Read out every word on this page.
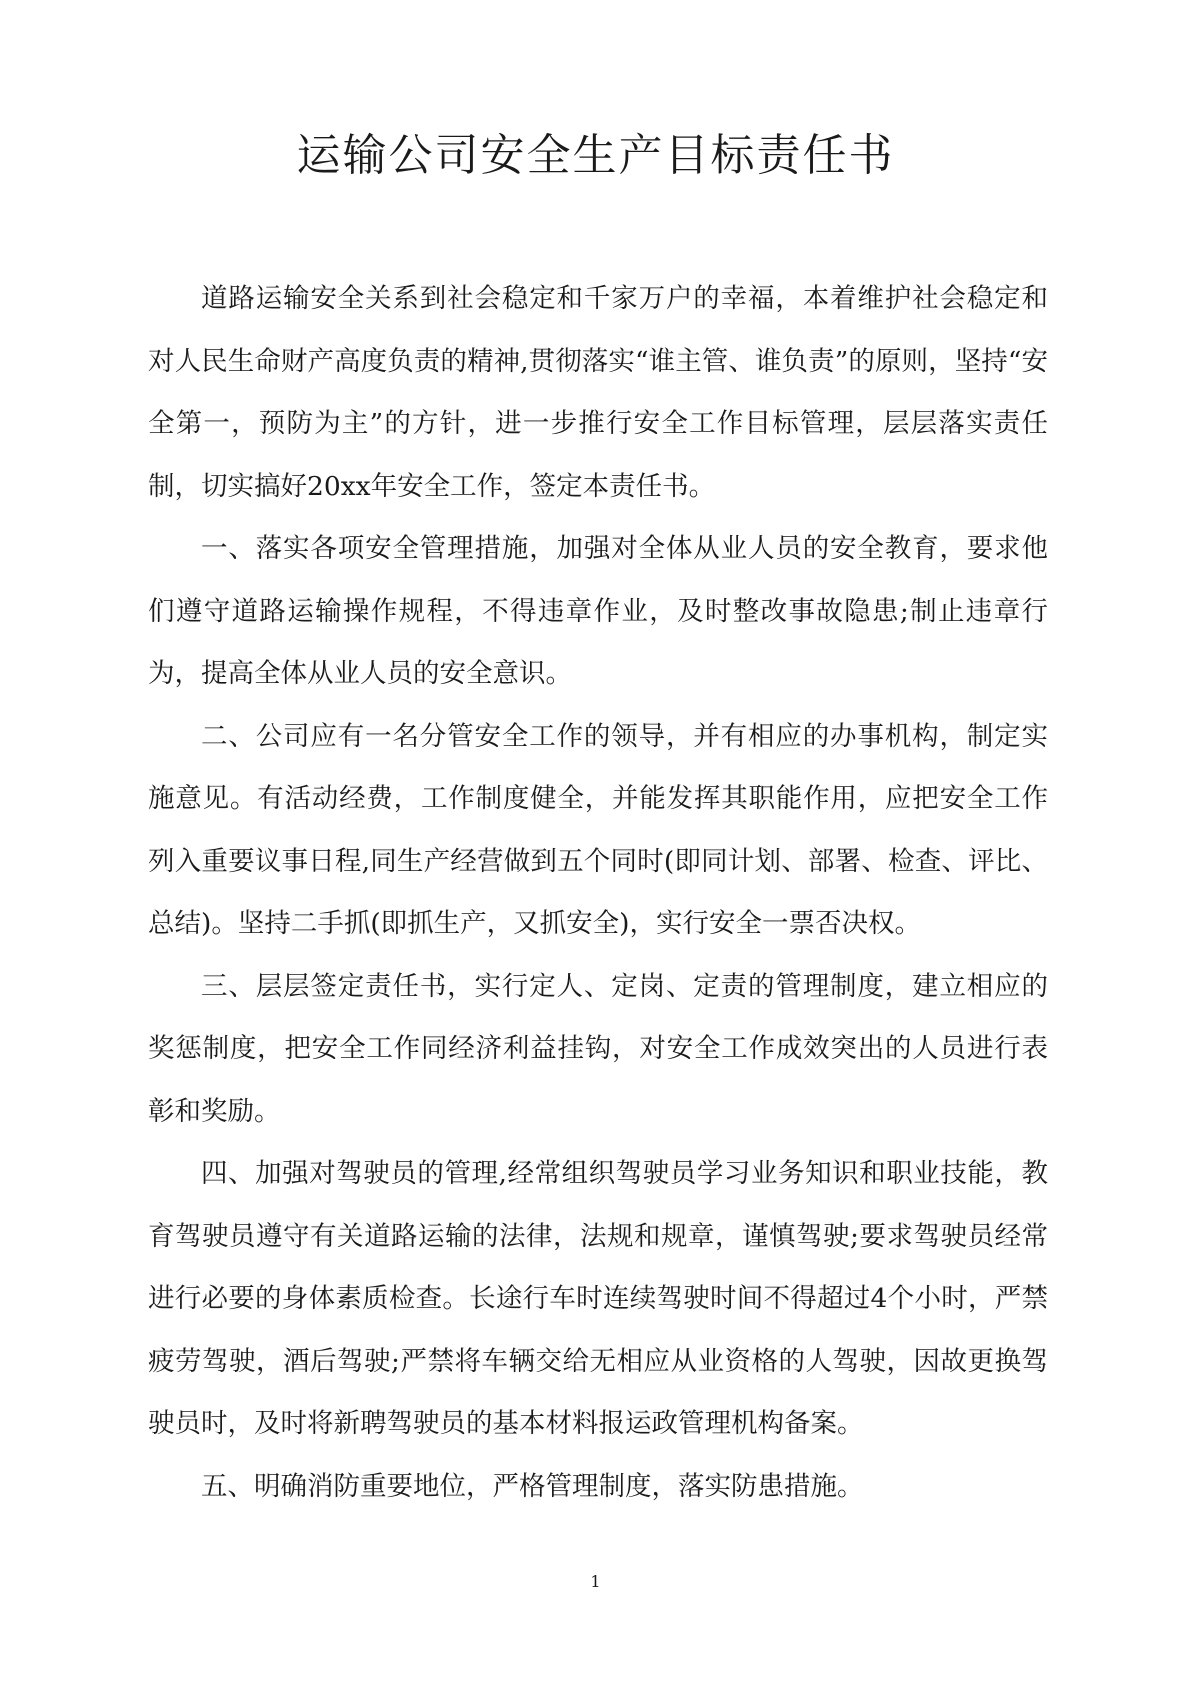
运输公司安全生产目标责任书

道路运输安全关系到社会稳定和千家万户的幸福，本着维护社会稳定和对人民生命财产高度负责的精神,贯彻落实“谁主管、谁负责”的原则，坚持“安全第一，预防为主”的方针，进一步推行安全工作目标管理，层层落实责任制，切实搞好20xx年安全工作，签定本责任书。

一、落实各项安全管理措施，加强对全体从业人员的安全教育，要求他们遵守道路运输操作规程，不得违章作业，及时整改事故隐患;制止违章行为，提高全体从业人员的安全意识。

二、公司应有一名分管安全工作的领导，并有相应的办事机构，制定实施意见。有活动经费，工作制度健全，并能发挥其职能作用，应把安全工作列入重要议事日程,同生产经营做到五个同时(即同计划、部署、检查、评比、总结)。坚持二手抓(即抓生产，又抓安全)，实行安全一票否决权。

三、层层签定责任书，实行定人、定岗、定责的管理制度，建立相应的奖惩制度，把安全工作同经济利益挂钩，对安全工作成效突出的人员进行表彰和奖励。

四、加强对驾驶员的管理,经常组织驾驶员学习业务知识和职业技能，教育驾驶员遵守有关道路运输的法律，法规和规章，谨慎驾驶;要求驾驶员经常进行必要的身体素质检查。长途行车时连续驾驶时间不得超过4个小时，严禁疲劳驾驶，酒后驾驶;严禁将车辆交给无相应从业资格的人驾驶，因故更换驾驶员时，及时将新聘驾驶员的基本材料报运政管理机构备案。

五、明确消防重要地位，严格管理制度，落实防患措施。

1
